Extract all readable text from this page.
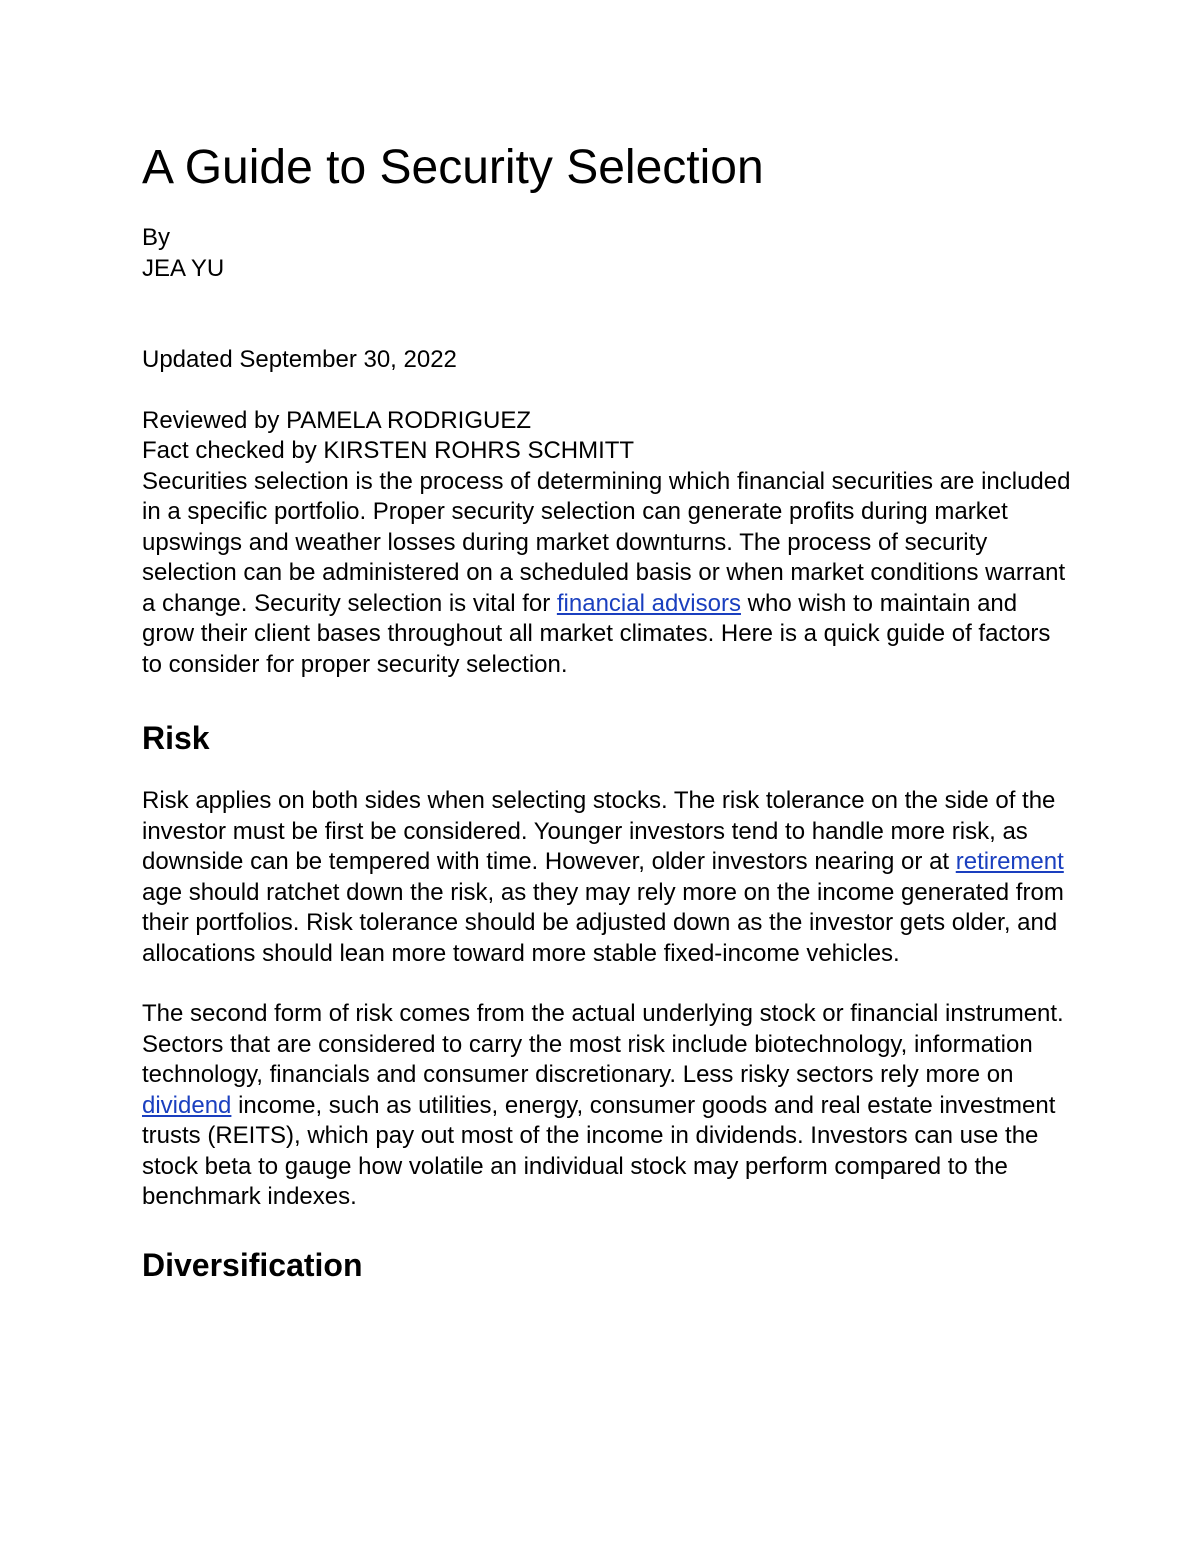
A Guide to Security Selection
By
JEA YU
Updated September 30, 2022
Reviewed by PAMELA RODRIGUEZ
Fact checked by KIRSTEN ROHRS SCHMITT

Securities selection is the process of determining which financial securities are included in a specific portfolio. Proper security selection can generate profits during market upswings and weather losses during market downturns. The process of security selection can be administered on a scheduled basis or when market conditions warrant a change. Security selection is vital for financial advisors who wish to maintain and grow their client bases throughout all market climates. Here is a quick guide of factors to consider for proper security selection.

Risk

Risk applies on both sides when selecting stocks. The risk tolerance on the side of the investor must be first be considered. Younger investors tend to handle more risk, as downside can be tempered with time. However, older investors nearing or at retirement age should ratchet down the risk, as they may rely more on the income generated from their portfolios. Risk tolerance should be adjusted down as the investor gets older, and allocations should lean more toward more stable fixed-income vehicles.

The second form of risk comes from the actual underlying stock or financial instrument. Sectors that are considered to carry the most risk include biotechnology, information technology, financials and consumer discretionary. Less risky sectors rely more on dividend income, such as utilities, energy, consumer goods and real estate investment trusts (REITS), which pay out most of the income in dividends. Investors can use the stock beta to gauge how volatile an individual stock may perform compared to the benchmark indexes.

Diversification
